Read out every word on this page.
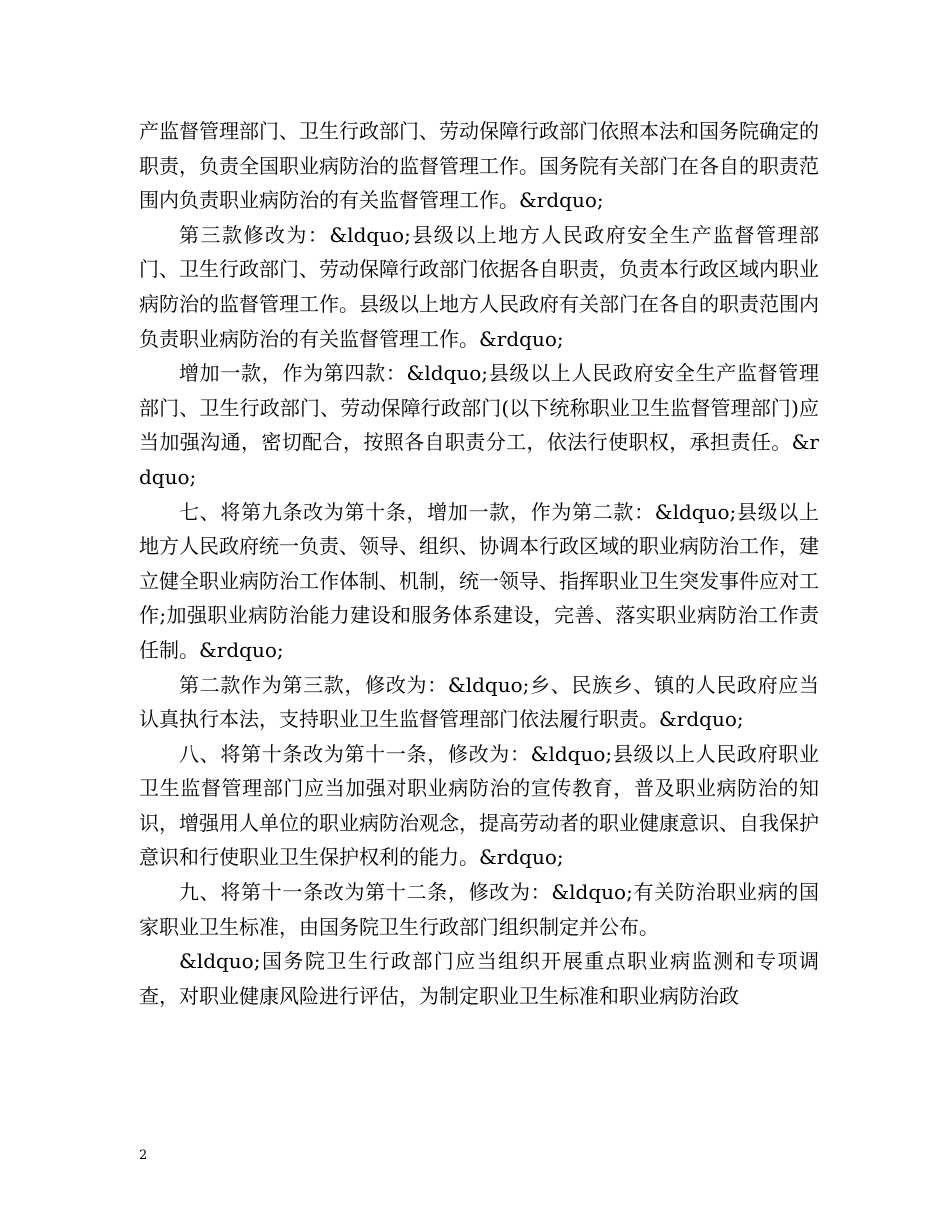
产监督管理部门、卫生行政部门、劳动保障行政部门依照本法和国务院确定的职责，负责全国职业病防治的监督管理工作。国务院有关部门在各自的职责范围内负责职业病防治的有关监督管理工作。&rdquo;

第三款修改为：&ldquo;县级以上地方人民政府安全生产监督管理部门、卫生行政部门、劳动保障行政部门依据各自职责，负责本行政区域内职业病防治的监督管理工作。县级以上地方人民政府有关部门在各自的职责范围内负责职业病防治的有关监督管理工作。&rdquo;

增加一款，作为第四款：&ldquo;县级以上人民政府安全生产监督管理部门、卫生行政部门、劳动保障行政部门(以下统称职业卫生监督管理部门)应当加强沟通，密切配合，按照各自职责分工，依法行使职权，承担责任。&rdquo;

七、将第九条改为第十条，增加一款，作为第二款：&ldquo;县级以上地方人民政府统一负责、领导、组织、协调本行政区域的职业病防治工作，建立健全职业病防治工作体制、机制，统一领导、指挥职业卫生突发事件应对工作;加强职业病防治能力建设和服务体系建设，完善、落实职业病防治工作责任制。&rdquo;

第二款作为第三款，修改为：&ldquo;乡、民族乡、镇的人民政府应当认真执行本法，支持职业卫生监督管理部门依法履行职责。&rdquo;

八、将第十条改为第十一条，修改为：&ldquo;县级以上人民政府职业卫生监督管理部门应当加强对职业病防治的宣传教育，普及职业病防治的知识，增强用人单位的职业病防治观念，提高劳动者的职业健康意识、自我保护意识和行使职业卫生保护权利的能力。&rdquo;

九、将第十一条改为第十二条，修改为：&ldquo;有关防治职业病的国家职业卫生标准，由国务院卫生行政部门组织制定并公布。

&ldquo;国务院卫生行政部门应当组织开展重点职业病监测和专项调查，对职业健康风险进行评估，为制定职业卫生标准和职业病防治政

2
